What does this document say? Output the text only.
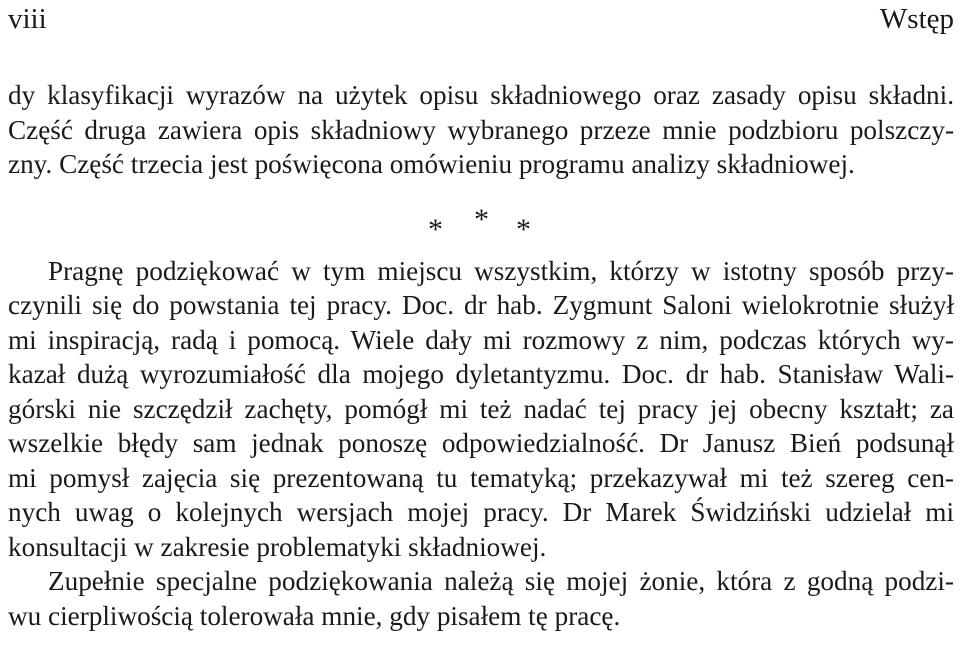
viii	Wstęp
dy klasyfikacji wyrazów na użytek opisu składniowego oraz zasady opisu składni.
Część druga zawiera opis składniowy wybranego przeze mnie podzbioru polszczy-
zny. Część trzecia jest poświęcona omówieniu programu analizy składniowej.
Pragnę podziękować w tym miejscu wszystkim, którzy w istotny sposób przy-
czynili się do powstania tej pracy. Doc. dr hab. Zygmunt Saloni wielokrotnie służył
mi inspiracją, radą i pomocą. Wiele dały mi rozmowy z nim, podczas których wy-
kazał dużą wyrozumiałość dla mojego dyletantyzmu. Doc. dr hab. Stanisław Wali-
górski nie szczędził zachęty, pomógł mi też nadać tej pracy jej obecny kształt; za
wszelkie błędy sam jednak ponoszę odpowiedzialność. Dr Janusz Bień podsunął
mi pomysł zajęcia się prezentowaną tu tematyką; przekazywał mi też szereg cen-
nych uwag o kolejnych wersjach mojej pracy. Dr Marek Świdziński udzielał mi
konsultacji w zakresie problematyki składniowej.
Zupełnie specjalne podziękowania należą się mojej żonie, która z godną podzi-
wu cierpliwością tolerowała mnie, gdy pisałem tę pracę.
* * *
